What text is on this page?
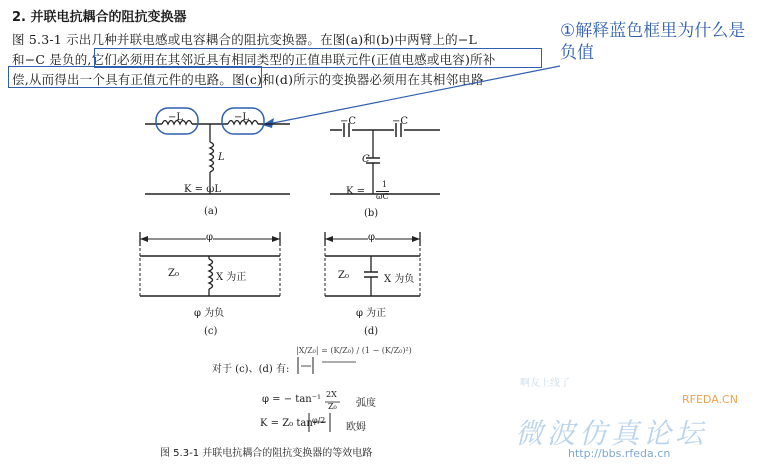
2. 并联电抗耦合的阻抗变换器
图 5.3-1 示出几种并联电感或电容耦合的阻抗变换器。在图(a)和(b)中两臂上的−L
和−C 是负的,它们必须用在其邻近具有相同类型的正值串联元件(正值电感或电容)所补
偿,从而得出一个具有正值元件的电路。图(c)和(d)所示的变换器必须用在其相邻电路
①解释蓝色框里为什么是负值
−L	−L
L
K = ωL
(a)
−C	−C
C
K =
1
ωC
(b)
φ
Z₀	X 为正
φ 为负
(c)
φ
Z₀	X 为负
φ 为正
(d)
对于 (c)、(d) 有:
|X/Z₀| = (K/Z₀) / (1 − (K/Z₀)²)
φ = − tan⁻¹ 2X
Z₀ 弧度
K = Z₀ tan φ/2
欧姆
图 5.3-1 并联电抗耦合的阻抗变换器的等效电路
啊友上线了
RFEDA.CN
微波仿真论坛
http://bbs.rfeda.cn
